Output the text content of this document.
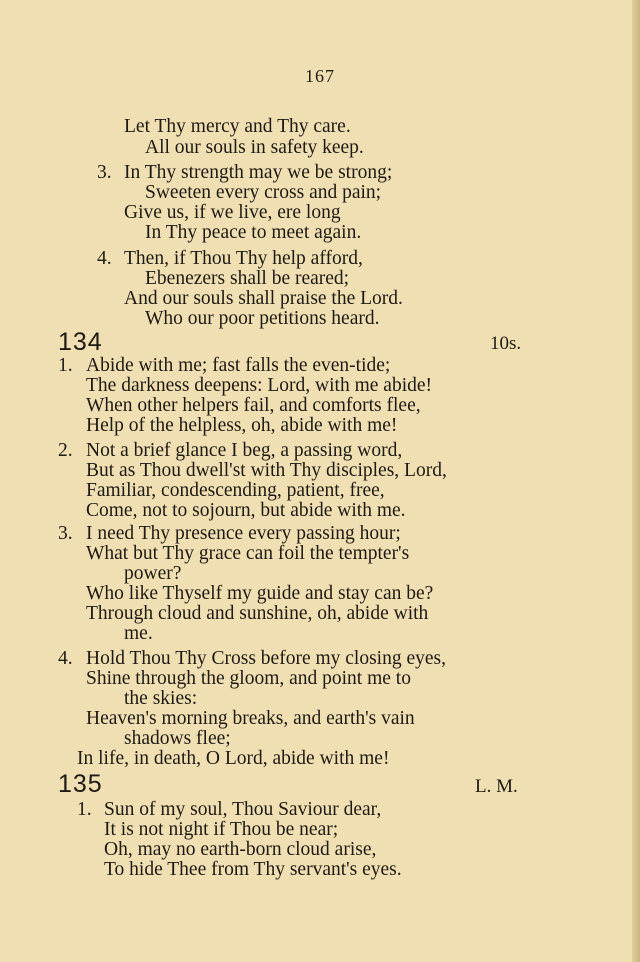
167
Let Thy mercy and Thy care.
All our souls in safety keep.
3. In Thy strength may we be strong;
Sweeten every cross and pain;
Give us, if we live, ere long
In Thy peace to meet again.
4. Then, if Thou Thy help afford,
Ebenezers shall be reared;
And our souls shall praise the Lord.
Who our poor petitions heard.
134	10s.
1. Abide with me; fast falls the even-tide;
The darkness deepens: Lord, with me abide!
When other helpers fail, and comforts flee,
Help of the helpless, oh, abide with me!
2. Not a brief glance I beg, a passing word,
But as Thou dwell'st with Thy disciples, Lord,
Familiar, condescending, patient, free,
Come, not to sojourn, but abide with me.
3. I need Thy presence every passing hour;
What but Thy grace can foil the tempter's
power?
Who like Thyself my guide and stay can be?
Through cloud and sunshine, oh, abide with
me.
4. Hold Thou Thy Cross before my closing eyes,
Shine through the gloom, and point me to
the skies:
Heaven's morning breaks, and earth's vain
shadows flee;
In life, in death, O Lord, abide with me!
135	L. M.
1. Sun of my soul, Thou Saviour dear,
It is not night if Thou be near;
Oh, may no earth-born cloud arise,
To hide Thee from Thy servant's eyes.
